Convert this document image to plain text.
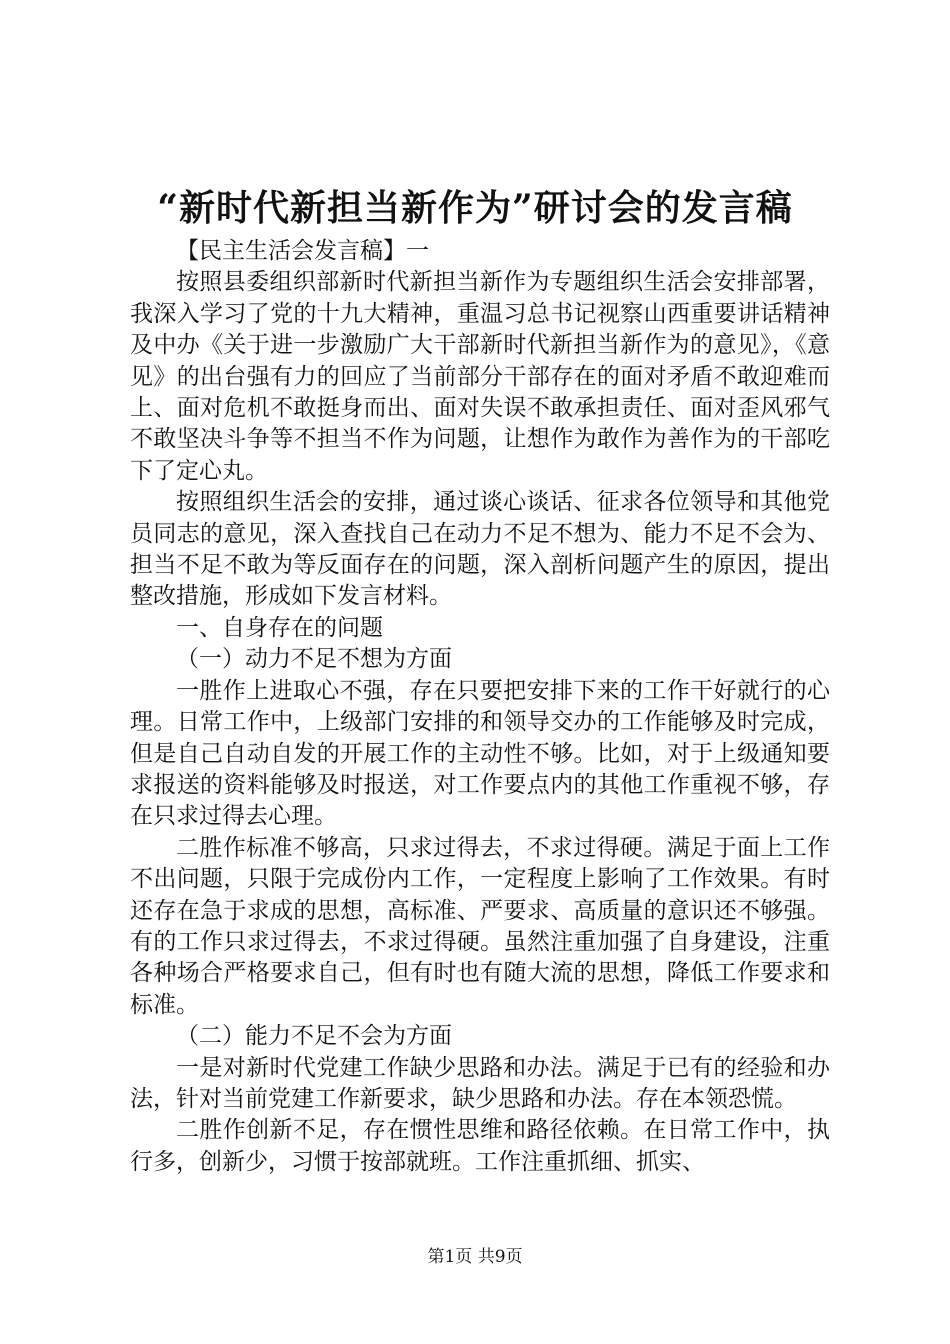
“新时代新担当新作为”研讨会的发言稿

【民主生活会发言稿】一

按照县委组织部新时代新担当新作为专题组织生活会安排部署，我深入学习了党的十九大精神，重温习总书记视察山西重要讲话精神及中办《关于进一步激励广大干部新时代新担当新作为的意见》，《意见》的出台强有力的回应了当前部分干部存在的面对矛盾不敢迎难而上、面对危机不敢挺身而出、面对失误不敢承担责任、面对歪风邪气不敢坚决斗争等不担当不作为问题，让想作为敢作为善作为的干部吃下了定心丸。

按照组织生活会的安排，通过谈心谈话、征求各位领导和其他党员同志的意见，深入查找自己在动力不足不想为、能力不足不会为、担当不足不敢为等反面存在的问题，深入剖析问题产生的原因，提出整改措施，形成如下发言材料。

一、自身存在的问题

（一）动力不足不想为方面

一胜作上进取心不强，存在只要把安排下来的工作干好就行的心理。日常工作中，上级部门安排的和领导交办的工作能够及时完成，但是自己自动自发的开展工作的主动性不够。比如，对于上级通知要求报送的资料能够及时报送，对工作要点内的其他工作重视不够，存在只求过得去心理。

二胜作标准不够高，只求过得去，不求过得硬。满足于面上工作不出问题，只限于完成份内工作，一定程度上影响了工作效果。有时还存在急于求成的思想，高标准、严要求、高质量的意识还不够强。有的工作只求过得去，不求过得硬。虽然注重加强了自身建设，注重各种场合严格要求自己，但有时也有随大流的思想，降低工作要求和标准。

（二）能力不足不会为方面

一是对新时代党建工作缺少思路和办法。满足于已有的经验和办法，针对当前党建工作新要求，缺少思路和办法。存在本领恐慌。

二胜作创新不足，存在惯性思维和路径依赖。在日常工作中，执行多，创新少，习惯于按部就班。工作注重抓细、抓实、

第1页 共9页
